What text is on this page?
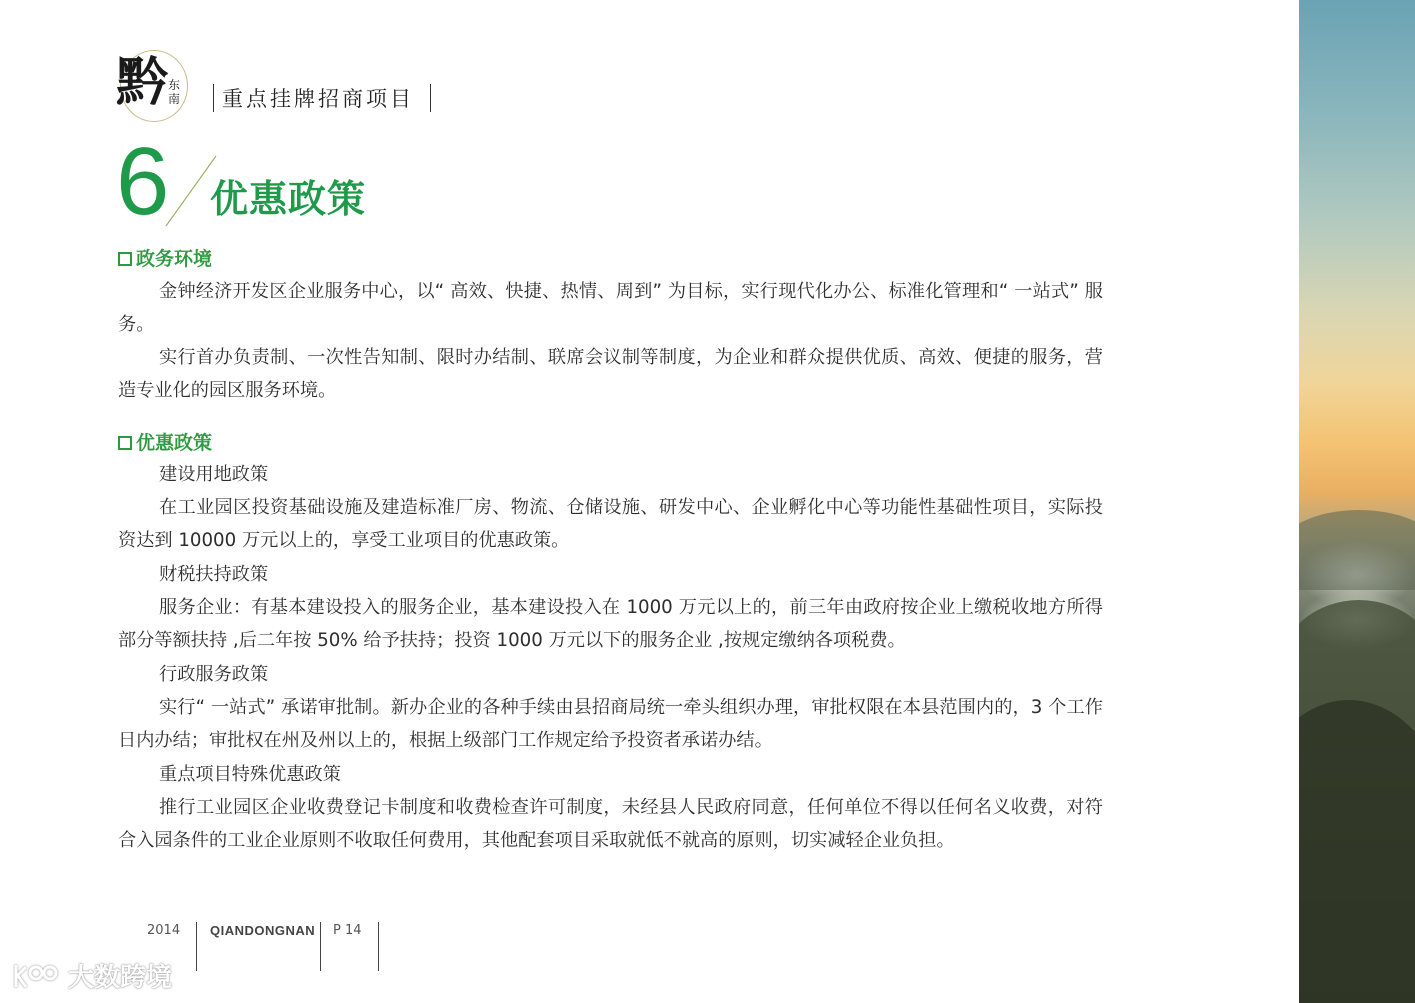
黔 东南 重点挂牌招商项目
6 优惠政策
政务环境

金钟经济开发区企业服务中心，以“ 高效、快捷、热情、周到” 为目标，实行现代化办公、标准化管理和“ 一站式” 服务。

实行首办负责制、一次性告知制、限时办结制、联席会议制等制度，为企业和群众提供优质、高效、便捷的服务，营造专业化的园区服务环境。

优惠政策
建设用地政策

在工业园区投资基础设施及建造标准厂房、物流、仓储设施、研发中心、企业孵化中心等功能性基础性项目，实际投资达到 10000 万元以上的，享受工业项目的优惠政策。

财税扶持政策

服务企业：有基本建设投入的服务企业，基本建设投入在 1000 万元以上的，前三年由政府按企业上缴税收地方所得部分等额扶持 ,后二年按 50% 给予扶持；投资 1000 万元以下的服务企业 ,按规定缴纳各项税费。

行政服务政策

实行“ 一站式” 承诺审批制。新办企业的各种手续由县招商局统一牵头组织办理，审批权限在本县范围内的，3 个工作日内办结；审批权在州及州以上的，根据上级部门工作规定给予投资者承诺办结。

重点项目特殊优惠政策

推行工业园区企业收费登记卡制度和收费检查许可制度，未经县人民政府同意，任何单位不得以任何名义收费，对符合入园条件的工业企业原则不收取任何费用，其他配套项目采取就低不就高的原则，切实减轻企业负担。

2014 QIANDONGNAN P 14
大数跨境
